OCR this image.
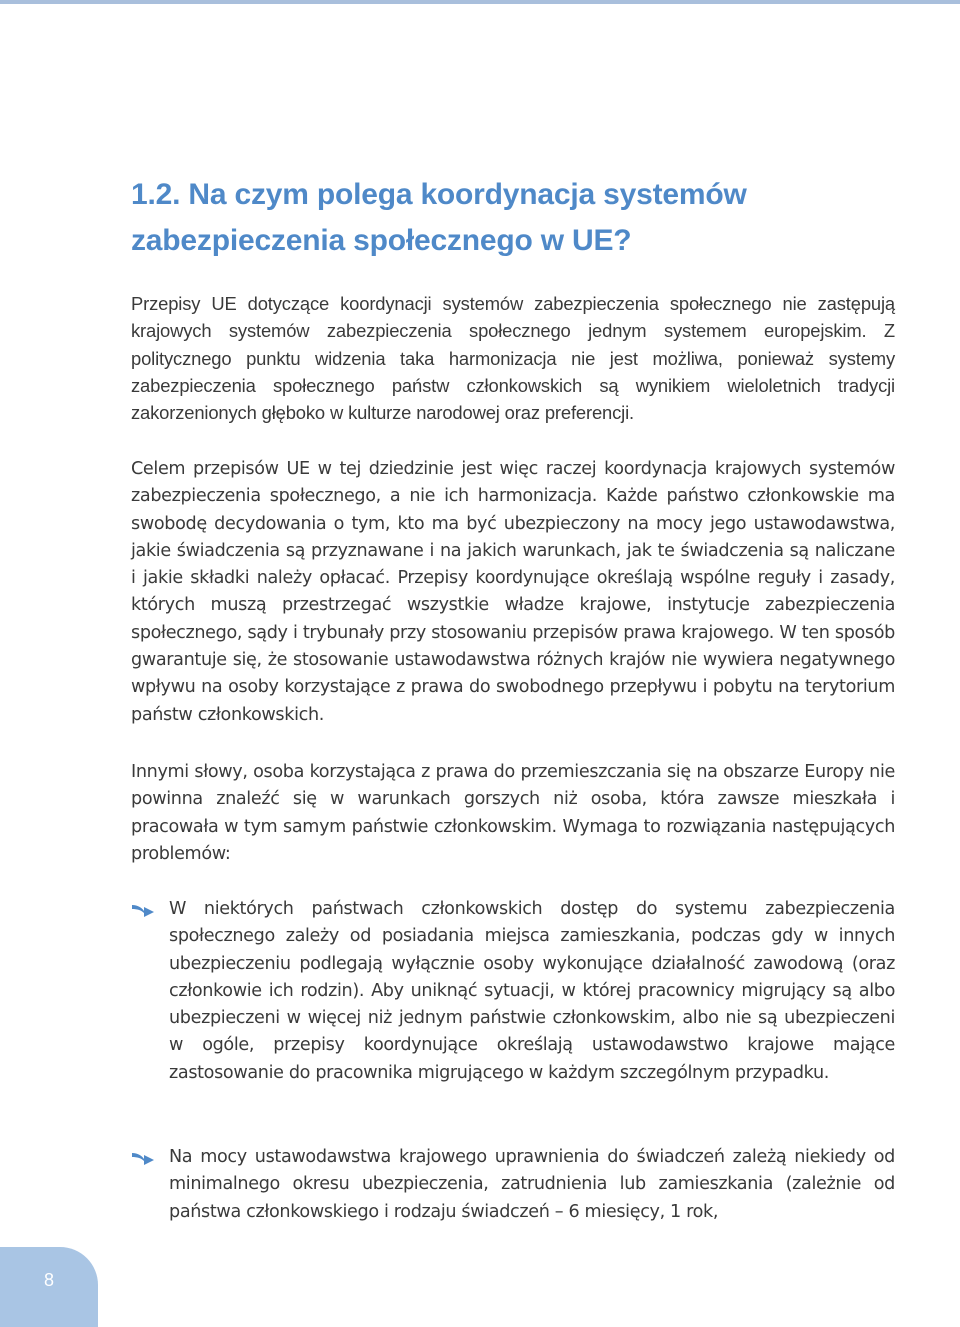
1.2. Na czym polega koordynacja systemów zabezpieczenia społecznego w UE?

Przepisy UE dotyczące koordynacji systemów zabezpieczenia społecznego nie zastępują krajowych systemów zabezpieczenia społecznego jednym systemem europejskim. Z politycznego punktu widzenia taka harmonizacja nie jest możliwa, ponieważ systemy zabezpieczenia społecznego państw członkowskich są wynikiem wieloletnich tradycji zakorzenionych głęboko w kulturze narodowej oraz preferencji.

Celem przepisów UE w tej dziedzinie jest więc raczej koordynacja krajowych systemów zabezpieczenia społecznego, a nie ich harmonizacja. Każde państwo członkowskie ma swobodę decydowania o tym, kto ma być ubezpieczony na mocy jego ustawodawstwa, jakie świadczenia są przyznawane i na jakich warunkach, jak te świadczenia są naliczane i jakie składki należy opłacać. Przepisy koordynujące określają wspólne reguły i zasady, których muszą przestrzegać wszystkie władze krajowe, instytucje zabezpieczenia społecznego, sądy i trybunały przy stosowaniu przepisów prawa krajowego. W ten sposób gwarantuje się, że stosowanie ustawodawstwa różnych krajów nie wywiera negatywnego wpływu na osoby korzystające z prawa do swobodnego przepływu i pobytu na terytorium państw członkowskich.

Innymi słowy, osoba korzystająca z prawa do przemieszczania się na obszarze Europy nie powinna znaleźć się w warunkach gorszych niż osoba, która zawsze mieszkała i pracowała w tym samym państwie członkowskim. Wymaga to rozwiązania następujących problemów:

W niektórych państwach członkowskich dostęp do systemu zabezpieczenia społecznego zależy od posiadania miejsca zamieszkania, podczas gdy w innych ubezpieczeniu podlegają wyłącznie osoby wykonujące działalność zawodową (oraz członkowie ich rodzin). Aby uniknąć sytuacji, w której pracownicy migrujący są albo ubezpieczeni w więcej niż jednym państwie członkowskim, albo nie są ubezpieczeni w ogóle, przepisy koordynujące określają ustawodawstwo krajowe mające zastosowanie do pracownika migrującego w każdym szczególnym przypadku.

Na mocy ustawodawstwa krajowego uprawnienia do świadczeń zależą niekiedy od minimalnego okresu ubezpieczenia, zatrudnienia lub zamieszkania (zależnie od państwa członkowskiego i rodzaju świadczeń – 6 miesięcy, 1 rok,

8
